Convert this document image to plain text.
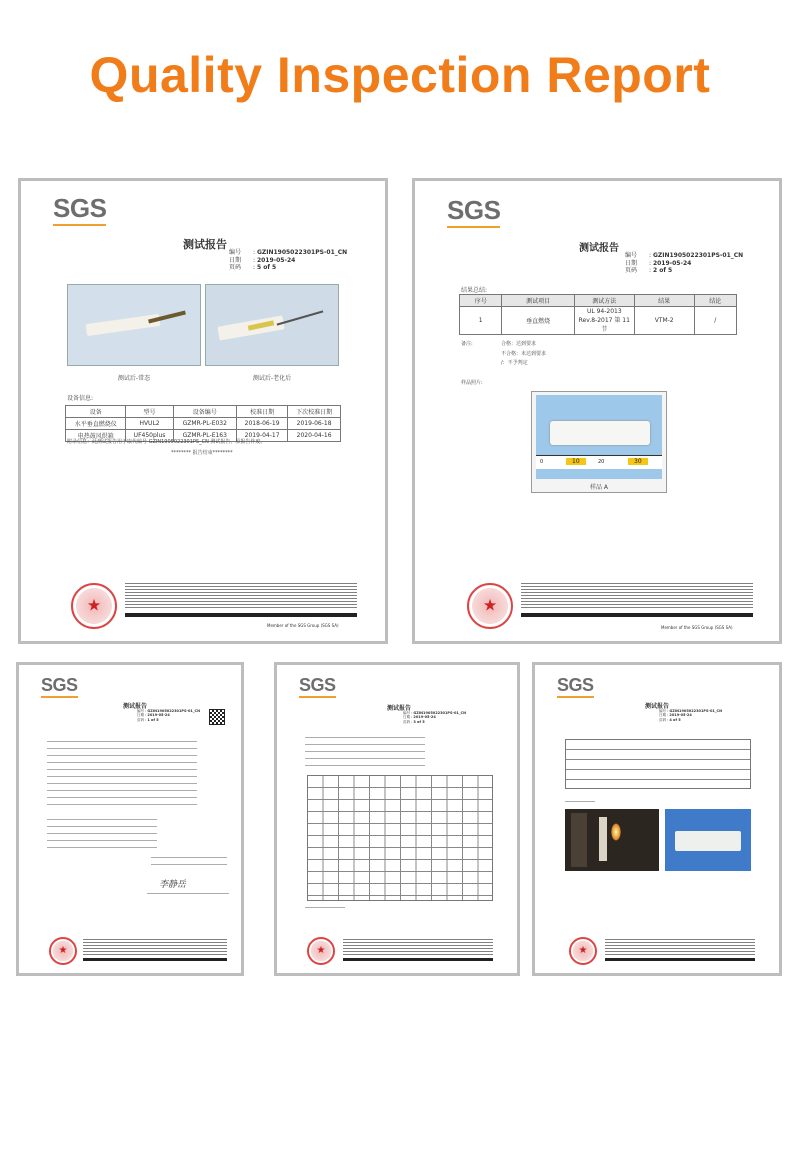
Quality Inspection Report
SGS
测试报告
编号 : GZIN1905022301PS-01_CN
日期 : 2019-05-24
页码 : 5 of 5
测试后-常态	测试后-老化后
设备信息:
设备	型号	设备编号	校准日期	下次校准日期
水平垂直燃烧仪	HVUL2	GZMR-PL-E032	2018-06-19	2019-06-18
电热鼓风烘箱	UF450plus	GZMR-PL-E163	2019-04-17	2020-04-16
附录信息：此测试报告用于取代编号 GZIN1905022301PS_CN 测试报告，原报告作废。
******** 报告结束********
★
Member of the SGS Group (SGS SA)
SGS
测试报告
编号 : GZIN1905022301PS-01_CN
日期 : 2019-05-24
页码 : 2 of 5
结果总结:
序号	测试项目	测试方法	结果	结论
1	垂直燃烧	UL 94-2013 Rev.8-2017 第 11 节	VTM-2	/
备注:	合格：达到要求
不合格：未达到要求
/：不予判定
样品照片:
0	10	20	30
样品 A
★
Member of the SGS Group (SGS SA)
SGS
测试报告
编号 : GZIN1905022301PS-01_CN
日期 : 2019-05-24
页码 : 1 of 5
李静岳
★
SGS
测试报告
编号 : GZIN1905022301PS-01_CN
日期 : 2019-05-24
页码 : 3 of 5
★
SGS
测试报告
编号 : GZIN1905022301PS-01_CN
日期 : 2019-05-24
页码 : 4 of 5
★
